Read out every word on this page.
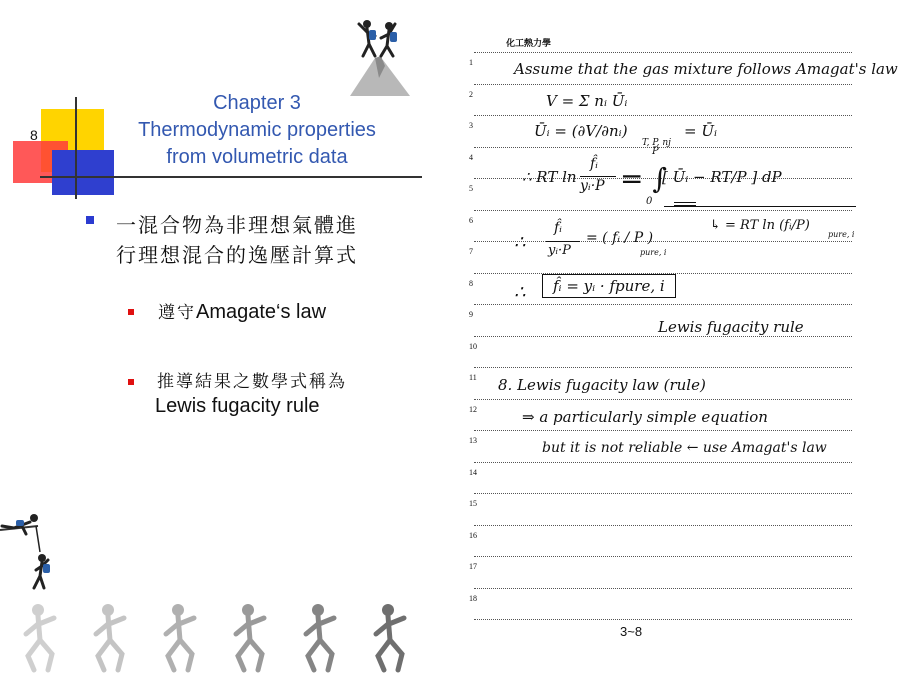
8
Chapter 3
Thermodynamic properties
from volumetric data
一混合物為非理想氣體進
行理想混合的逸壓計算式
遵守Amagate‘s law
推導結果之數學式稱為
Lewis fugacity rule
化工熱力學
1
2
3
4
5
6
7
8
9
10
11
12
13
14
15
16
17
18
Assume that the gas mixture follows Amagat's law
V = Σ nᵢ Ūᵢ
Ūᵢ = (∂V/∂nᵢ)
T, P, nj
= Ūᵢ
∴ RT ln
f̂ᵢ
yᵢ·P = ∫
P
0
[ Ūᵢ − RT/P ] dP
∴
f̂ᵢ
yᵢ·P
= ( fᵢ / P )
pure, i
↳ = RT ln (fᵢ/P)
pure, i
∴	f̂ᵢ = yᵢ · fpure, i
Lewis fugacity rule
8. Lewis fugacity law (rule)
⇒ a particularly simple equation
but it is not reliable ← use Amagat's law
3~8
